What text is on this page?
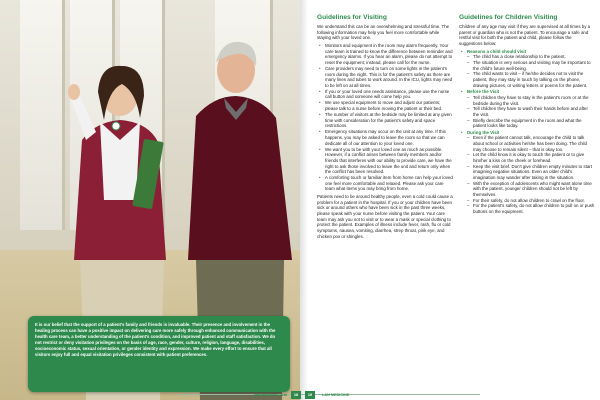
It is our belief that the support of a patient's family and friends is invaluable. Their presence and involvement in the healing process can have a positive impact on delivering care more safely through enhanced communication with the health care team, a better understanding of the patient's condition, and improved patient and staff satisfaction. We do not restrict or deny visitation privileges on the basis of age, race, gender, culture, religion, language, disabilities, socioeconomic status, sexual orientation, or gender identity and expression. We make every effort to ensure that all visitors enjoy full and equal visitation privileges consistent with patient preferences.

Guidelines for Visiting

We understand this can be an overwhelming and stressful time. The following information may help you feel more comfortable while staying with your loved one.

• Monitors and equipment in the room may alarm frequently. Your care team is trained to know the difference between reminder and emergency alarms. If you hear an alarm, please do not attempt to reset the equipment; instead, please call for the nurse.
• Care providers may need to turn on some lights in the patient's room during the night. This is for the patient's safety as there are many lines and tubes to work around. In the ICU, lights may need to be left on at all times.
• If you or your loved one needs assistance, please use the nurse call button and someone will come help you.
• We use special equipment to move and adjust our patients; please talk to a nurse before moving the patient or their bed.
• The number of visitors at the bedside may be limited at any given time with consideration for the patient's safety and space restrictions.
• Emergency situations may occur on the unit at any time. If this happens, you may be asked to leave the room so that we can dedicate all of our attention to your loved one.
• We want you to be with your loved one as much as possible. However, if a conflict arises between family members and/or friends that interferes with our ability to provide care, we have the right to ask those involved to leave the unit and return only when the conflict has been resolved.
• A comforting touch or familiar item from home can help your loved one feel more comfortable and relaxed. Please ask your care team what items you may bring from home.

Patients need to be around healthy people, even a cold could cause a problem for a patient in the hospital. If you or your children have been sick or around others who have been sick in the past three weeks, please speak with your nurse before visiting the patient. Your care team may ask you not to visit or to wear a mask or special clothing to protect the patient. Examples of illness include fever, rash, flu or cold symptoms, nausea, vomiting, diarrhea, strep throat, pink eye, and chicken pox or shingles.

Guidelines for Children Visiting

Children of any age may visit if they are supervised at all times by a parent or guardian who is not the patient. To encourage a safe and restful visit for both the patient and child, please follow the suggestions below:

• Reasons a child should visit
– The child has a close relationship to the patient.
– The situation is very serious and visiting may be important to the child's future well-being.
– The child wants to visit – if he/she decides not to visit the patient, they may stay in touch by talking on the phone, drawing pictures, or writing letters or poems for the patient.
• Before the Visit
– Tell children they have to stay in the patient's room or at the bedside during the visit.
– Tell children they have to wash their hands before and after the visit.
– Briefly describe the equipment in the room and what the patient looks like today.
• During the Visit
– Even if the patient cannot talk, encourage the child to talk about school or activities he/she has been doing. The child may choose to remain silent – that is okay too.
– Let the child know it is okay to touch the patient or to give him/her a kiss on the cheek or forehead.
– Keep the visit brief. Don't give children empty minutes to start imagining negative situations. Even an older child's imagination may wander after taking in the situation.
– With the exception of adolescents who might want alone time with the patient, younger children should not be left by themselves.
– For their safety, do not allow children to crawl on the floor.
– For the patient's safety, do not allow children to pull on or push buttons on the equipment.
saintandrews.com	18	19	LAN MEDICINE
